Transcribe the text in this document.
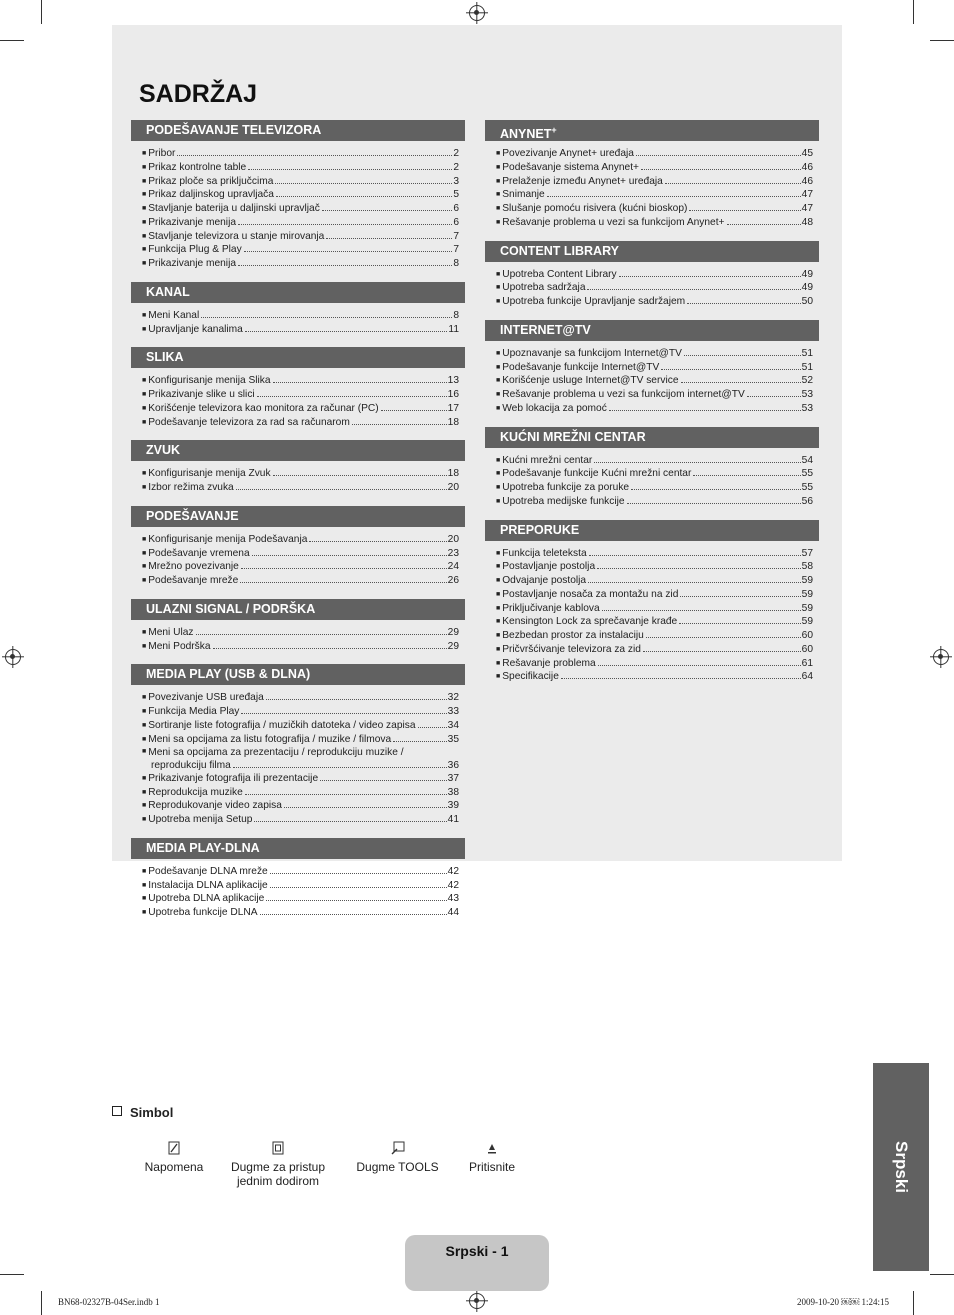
SADRŽAJ
PODEŠAVANJE TELEVIZORA
■ Pribor	2
■ Prikaz kontrolne table	2
■ Prikaz ploče sa priključcima	3
■ Prikaz daljinskog upravljača	5
■ Stavljanje baterija u daljinski upravljač	6
■ Prikazivanje menija	6
■ Stavljanje televizora u stanje mirovanja	7
■ Funkcija Plug & Play	7
■ Prikazivanje menija	8
KANAL
■ Meni Kanal	8
■ Upravljanje kanalima	11
SLIKA
■ Konfigurisanje menija Slika	13
■ Prikazivanje slike u slici	16
■ Korišćenje televizora kao monitora za računar (PC)	17
■ Podešavanje televizora za rad sa računarom	18
ZVUK
■ Konfigurisanje menija Zvuk	18
■ Izbor režima zvuka	20
PODEŠAVANJE
■ Konfigurisanje menija Podešavanja	20
■ Podešavanje vremena	23
■ Mrežno povezivanje	24
■ Podešavanje mreže	26
ULAZNI SIGNAL / PODRŠKA
■ Meni Ulaz	29
■ Meni Podrška	29
MEDIA PLAY (USB & DLNA)
■ Povezivanje USB uređaja	32
■ Funkcija Media Play	33
■ Sortiranje liste fotografija / muzičkih datoteka / video zapisa	34
■ Meni sa opcijama za listu fotografija / muzike / filmova	35
■ Meni sa opcijama za prezentaciju / reprodukciju muzike /
reprodukciju filma	36
■ Prikazivanje fotografija ili prezentacije	37
■ Reprodukcija muzike	38
■ Reprodukovanje video zapisa	39
■ Upotreba menija Setup	41
MEDIA PLAY-DLNA
■ Podešavanje DLNA mreže	42
■ Instalacija DLNA aplikacije	42
■ Upotreba DLNA aplikacije	43
■ Upotreba funkcije DLNA	44
ANYNET+
■ Povezivanje Anynet+ uređaja	45
■ Podešavanje sistema Anynet+	46
■ Prelaženje između Anynet+ uređaja	46
■ Snimanje	47
■ Slušanje pomoću risivera (kućni bioskop)	47
■ Rešavanje problema u vezi sa funkcijom Anynet+	48
CONTENT LIBRARY
■ Upotreba Content Library	49
■ Upotreba sadržaja	49
■ Upotreba funkcije Upravljanje sadržajem	50
INTERNET@TV
■ Upoznavanje sa funkcijom Internet@TV	51
■ Podešavanje funkcije Internet@TV	51
■ Korišćenje usluge Internet@TV service	52
■ Rešavanje problema u vezi sa funkcijom internet@TV	53
■ Web lokacija za pomoć	53
KUĆNI MREŽNI CENTAR
■ Kućni mrežni centar	54
■ Podešavanje funkcije Kućni mrežni centar	55
■ Upotreba funkcije za poruke	55
■ Upotreba medijske funkcije	56
PREPORUKE
■ Funkcija teleteksta	57
■ Postavljanje postolja	58
■ Odvajanje postolja	59
■ Postavljanje nosača za montažu na zid	59
■ Priključivanje kablova	59
■ Kensington Lock za sprečavanje krađe	59
■ Bezbedan prostor za instalaciju	60
■ Pričvršćivanje televizora za zid	60
■ Rešavanje problema	61
■ Specifikacije	64
Simbol
Napomena	Dugme za pristup
jednim dodirom
Dugme TOOLS	Pritisnite	Srpski
Srpski - 1
BN68-02327B-04Ser.indb 1	2009-10-20 ￼￼ 1:24:15
